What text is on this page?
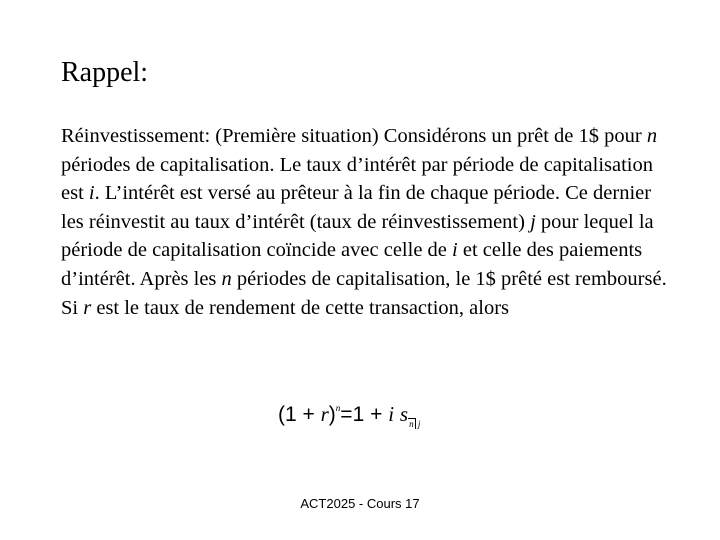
Rappel:

Réinvestissement: (Première situation) Considérons un prêt de 1$ pour n périodes de capitalisation. Le taux d’intérêt par période de capitalisation est i. L’intérêt est versé au prêteur à la fin de chaque période. Ce dernier les réinvestit au taux d’intérêt (taux de réinvestissement) j pour lequel la période de capitalisation coïncide avec celle de i et celle des paiements d’intérêt. Après les n périodes de capitalisation, le 1$ prêté est remboursé. Si r est le taux de rendement de cette transaction, alors

$(1 + r)^n=1 + i$ $s_{n j}$
ACT2025 - Cours 17
